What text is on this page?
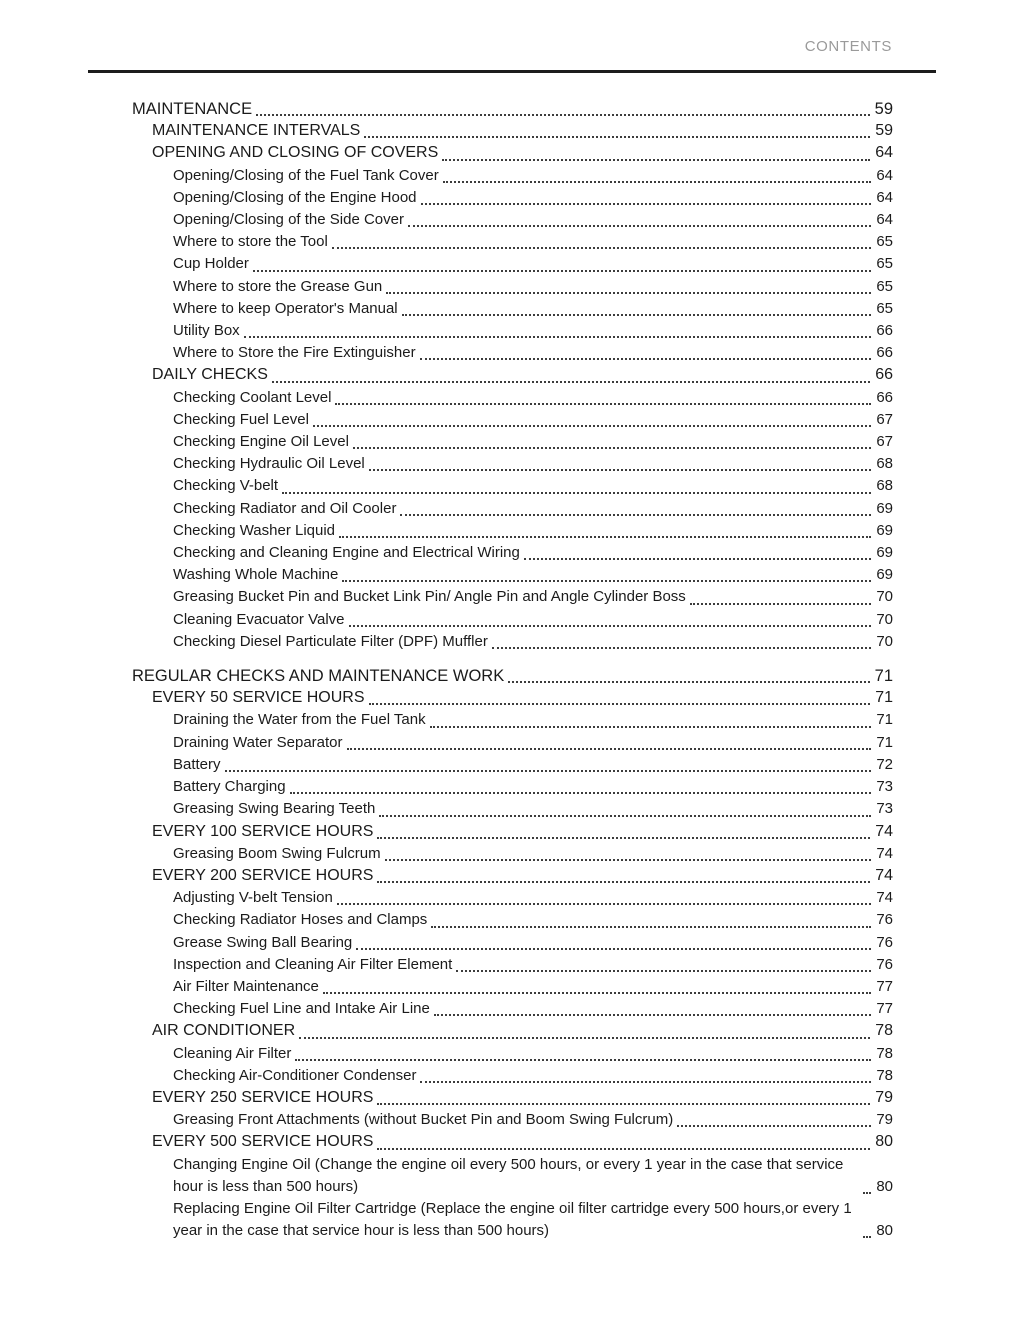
CONTENTS
MAINTENANCE	59
MAINTENANCE INTERVALS	59
OPENING AND CLOSING OF COVERS	64
Opening/Closing of the Fuel Tank Cover	64
Opening/Closing of the Engine Hood	64
Opening/Closing of the Side Cover	64
Where to store the Tool	65
Cup Holder	65
Where to store the Grease Gun	65
Where to keep Operator's Manual	65
Utility Box	66
Where to Store the Fire Extinguisher	66
DAILY CHECKS	66
Checking Coolant Level	66
Checking Fuel Level	67
Checking Engine Oil Level	67
Checking Hydraulic Oil Level	68
Checking V-belt	68
Checking Radiator and Oil Cooler	69
Checking Washer Liquid	69
Checking and Cleaning Engine and Electrical Wiring	69
Washing Whole Machine	69
Greasing Bucket Pin and Bucket Link Pin/ Angle Pin and Angle Cylinder Boss	70
Cleaning Evacuator Valve	70
Checking Diesel Particulate Filter (DPF) Muffler	70
REGULAR CHECKS AND MAINTENANCE WORK	71
EVERY 50 SERVICE HOURS	71
Draining the Water from the Fuel Tank	71
Draining Water Separator	71
Battery	72
Battery Charging	73
Greasing Swing Bearing Teeth	73
EVERY 100 SERVICE HOURS	74
Greasing Boom Swing Fulcrum	74
EVERY 200 SERVICE HOURS	74
Adjusting V-belt Tension	74
Checking Radiator Hoses and Clamps	76
Grease Swing Ball Bearing	76
Inspection and Cleaning Air Filter Element	76
Air Filter Maintenance	77
Checking Fuel Line and Intake Air Line	77
AIR CONDITIONER	78
Cleaning Air Filter	78
Checking Air-Conditioner Condenser	78
EVERY 250 SERVICE HOURS	79
Greasing Front Attachments (without Bucket Pin and Boom Swing Fulcrum)	79
EVERY 500 SERVICE HOURS	80
Changing Engine Oil (Change the engine oil every 500 hours, or every 1 year in the case that service hour is less than 500 hours)	80
Replacing Engine Oil Filter Cartridge (Replace the engine oil filter cartridge every 500 hours,or every 1 year in the case that service hour is less than 500 hours)	80
